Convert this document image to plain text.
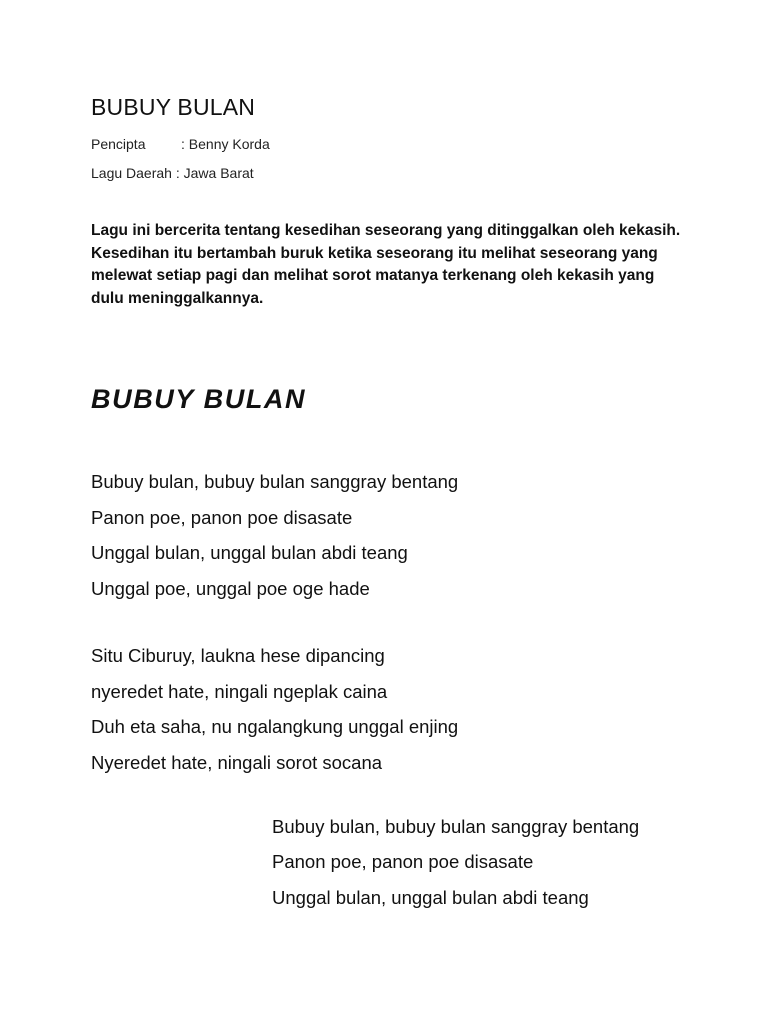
BUBUY BULAN
Pencipta	: Benny Korda
Lagu Daerah : Jawa Barat
Lagu ini bercerita tentang kesedihan seseorang yang ditinggalkan oleh kekasih. Kesedihan itu bertambah buruk ketika seseorang itu melihat seseorang yang melewat setiap pagi dan melihat sorot matanya terkenang oleh kekasih yang dulu meninggalkannya.
BUBUY BULAN
Bubuy bulan, bubuy bulan sanggray bentang
Panon poe, panon poe disasate
Unggal bulan, unggal bulan abdi teang
Unggal poe, unggal poe oge hade
Situ Ciburuy, laukna hese dipancing
nyeredet hate, ningali ngeplak caina
Duh eta saha, nu ngalangkung unggal enjing
Nyeredet hate, ningali sorot socana
Bubuy bulan, bubuy bulan sanggray bentang
Panon poe, panon poe disasate
Unggal bulan, unggal bulan abdi teang
